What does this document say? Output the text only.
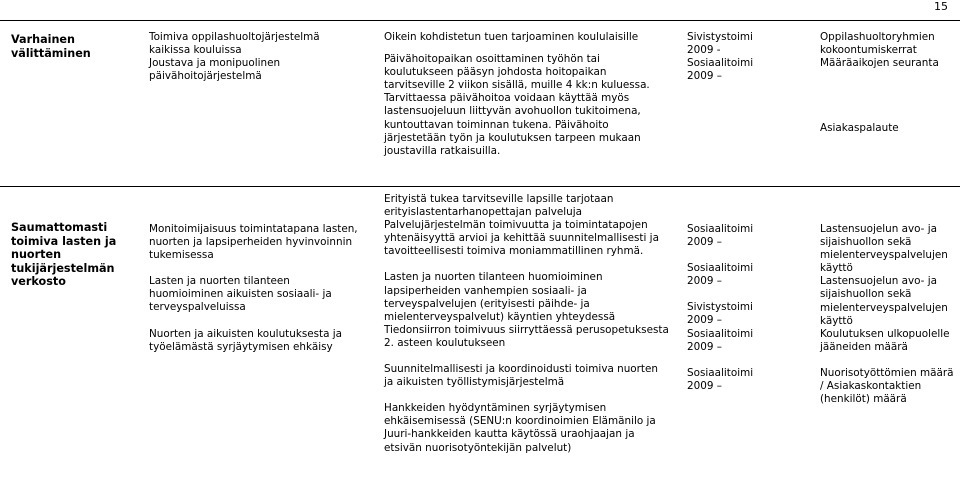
15

Varhainen välittäminen

Toimiva oppilashuoltojärjestelmä kaikissa kouluissa

Joustava ja monipuolinen päivähoitojärjestelmä

Oikein kohdistetun tuen tarjoaminen koululaisille

Päivähoitopaikan osoittaminen työhön tai koulutukseen pääsyn johdosta hoitopaikan tarvitseville 2 viikon sisällä, muille 4 kk:n kuluessa. Tarvittaessa päivähoitoa voidaan käyttää myös lastensuojeluun liittyvän avohuollon tukitoimena, kuntouttavan toiminnan tukena. Päivähoito järjestetään työn ja koulutuksen tarpeen mukaan joustavilla ratkaisuilla.

Sivistystoimi 2009 -

Sosiaalitoimi 2009 –

Oppilashuoltoryhmien kokoontumiskerrat

Määräaikojen seuranta

Asiakaspalaute

Saumattomasti toimiva lasten ja nuorten tukijärjestelmän verkosto

Monitoimijaisuus toimintatapana lasten, nuorten ja lapsiperheiden hyvinvoinnin tukemisessa

Lasten ja nuorten tilanteen huomioiminen aikuisten sosiaali- ja terveyspalveluissa

Nuorten ja aikuisten koulutuksesta ja työelämästä syrjäytymisen ehkäisy

Erityistä tukea tarvitseville lapsille tarjotaan erityislastentarhanopettajan palveluja

Palvelujärjestelmän toimivuutta ja toimintatapojen yhtenäisyyttä arvioi ja kehittää suunnitelmallisesti ja tavoitteellisesti toimiva moniammatillinen ryhmä.

Lasten ja nuorten tilanteen huomioiminen lapsiperheiden vanhempien sosiaali- ja terveyspalvelujen (erityisesti päihde- ja mielenterveyspalvelut) käyntien yhteydessä

Tiedonsiirron toimivuus siirryttäessä perusopetuksesta 2. asteen koulutukseen

Suunnitelmallisesti ja koordinoidusti toimiva nuorten ja aikuisten työllistymisjärjestelmä

Hankkeiden hyödyntäminen syrjäytymisen ehkäisemisessä (SENU:n koordinoimien Elämänilo ja Juuri-hankkeiden kautta käytössä uraohjaajan ja etsivän nuorisotyöntekijän palvelut)

Sosiaalitoimi 2009 –

Sosiaalitoimi 2009 –

Sivistystoimi 2009 –

Sosiaalitoimi 2009 –

Sosiaalitoimi 2009 –

Lastensuojelun avo- ja sijaishuollon sekä mielenterveyspalvelujen käyttö

Lastensuojelun avo- ja sijaishuollon sekä mielenterveyspalvelujen käyttö

Koulutuksen ulkopuolelle jääneiden määrä

Nuorisotyöttömien määrä / Asiakaskontaktien (henkilöt) määrä
